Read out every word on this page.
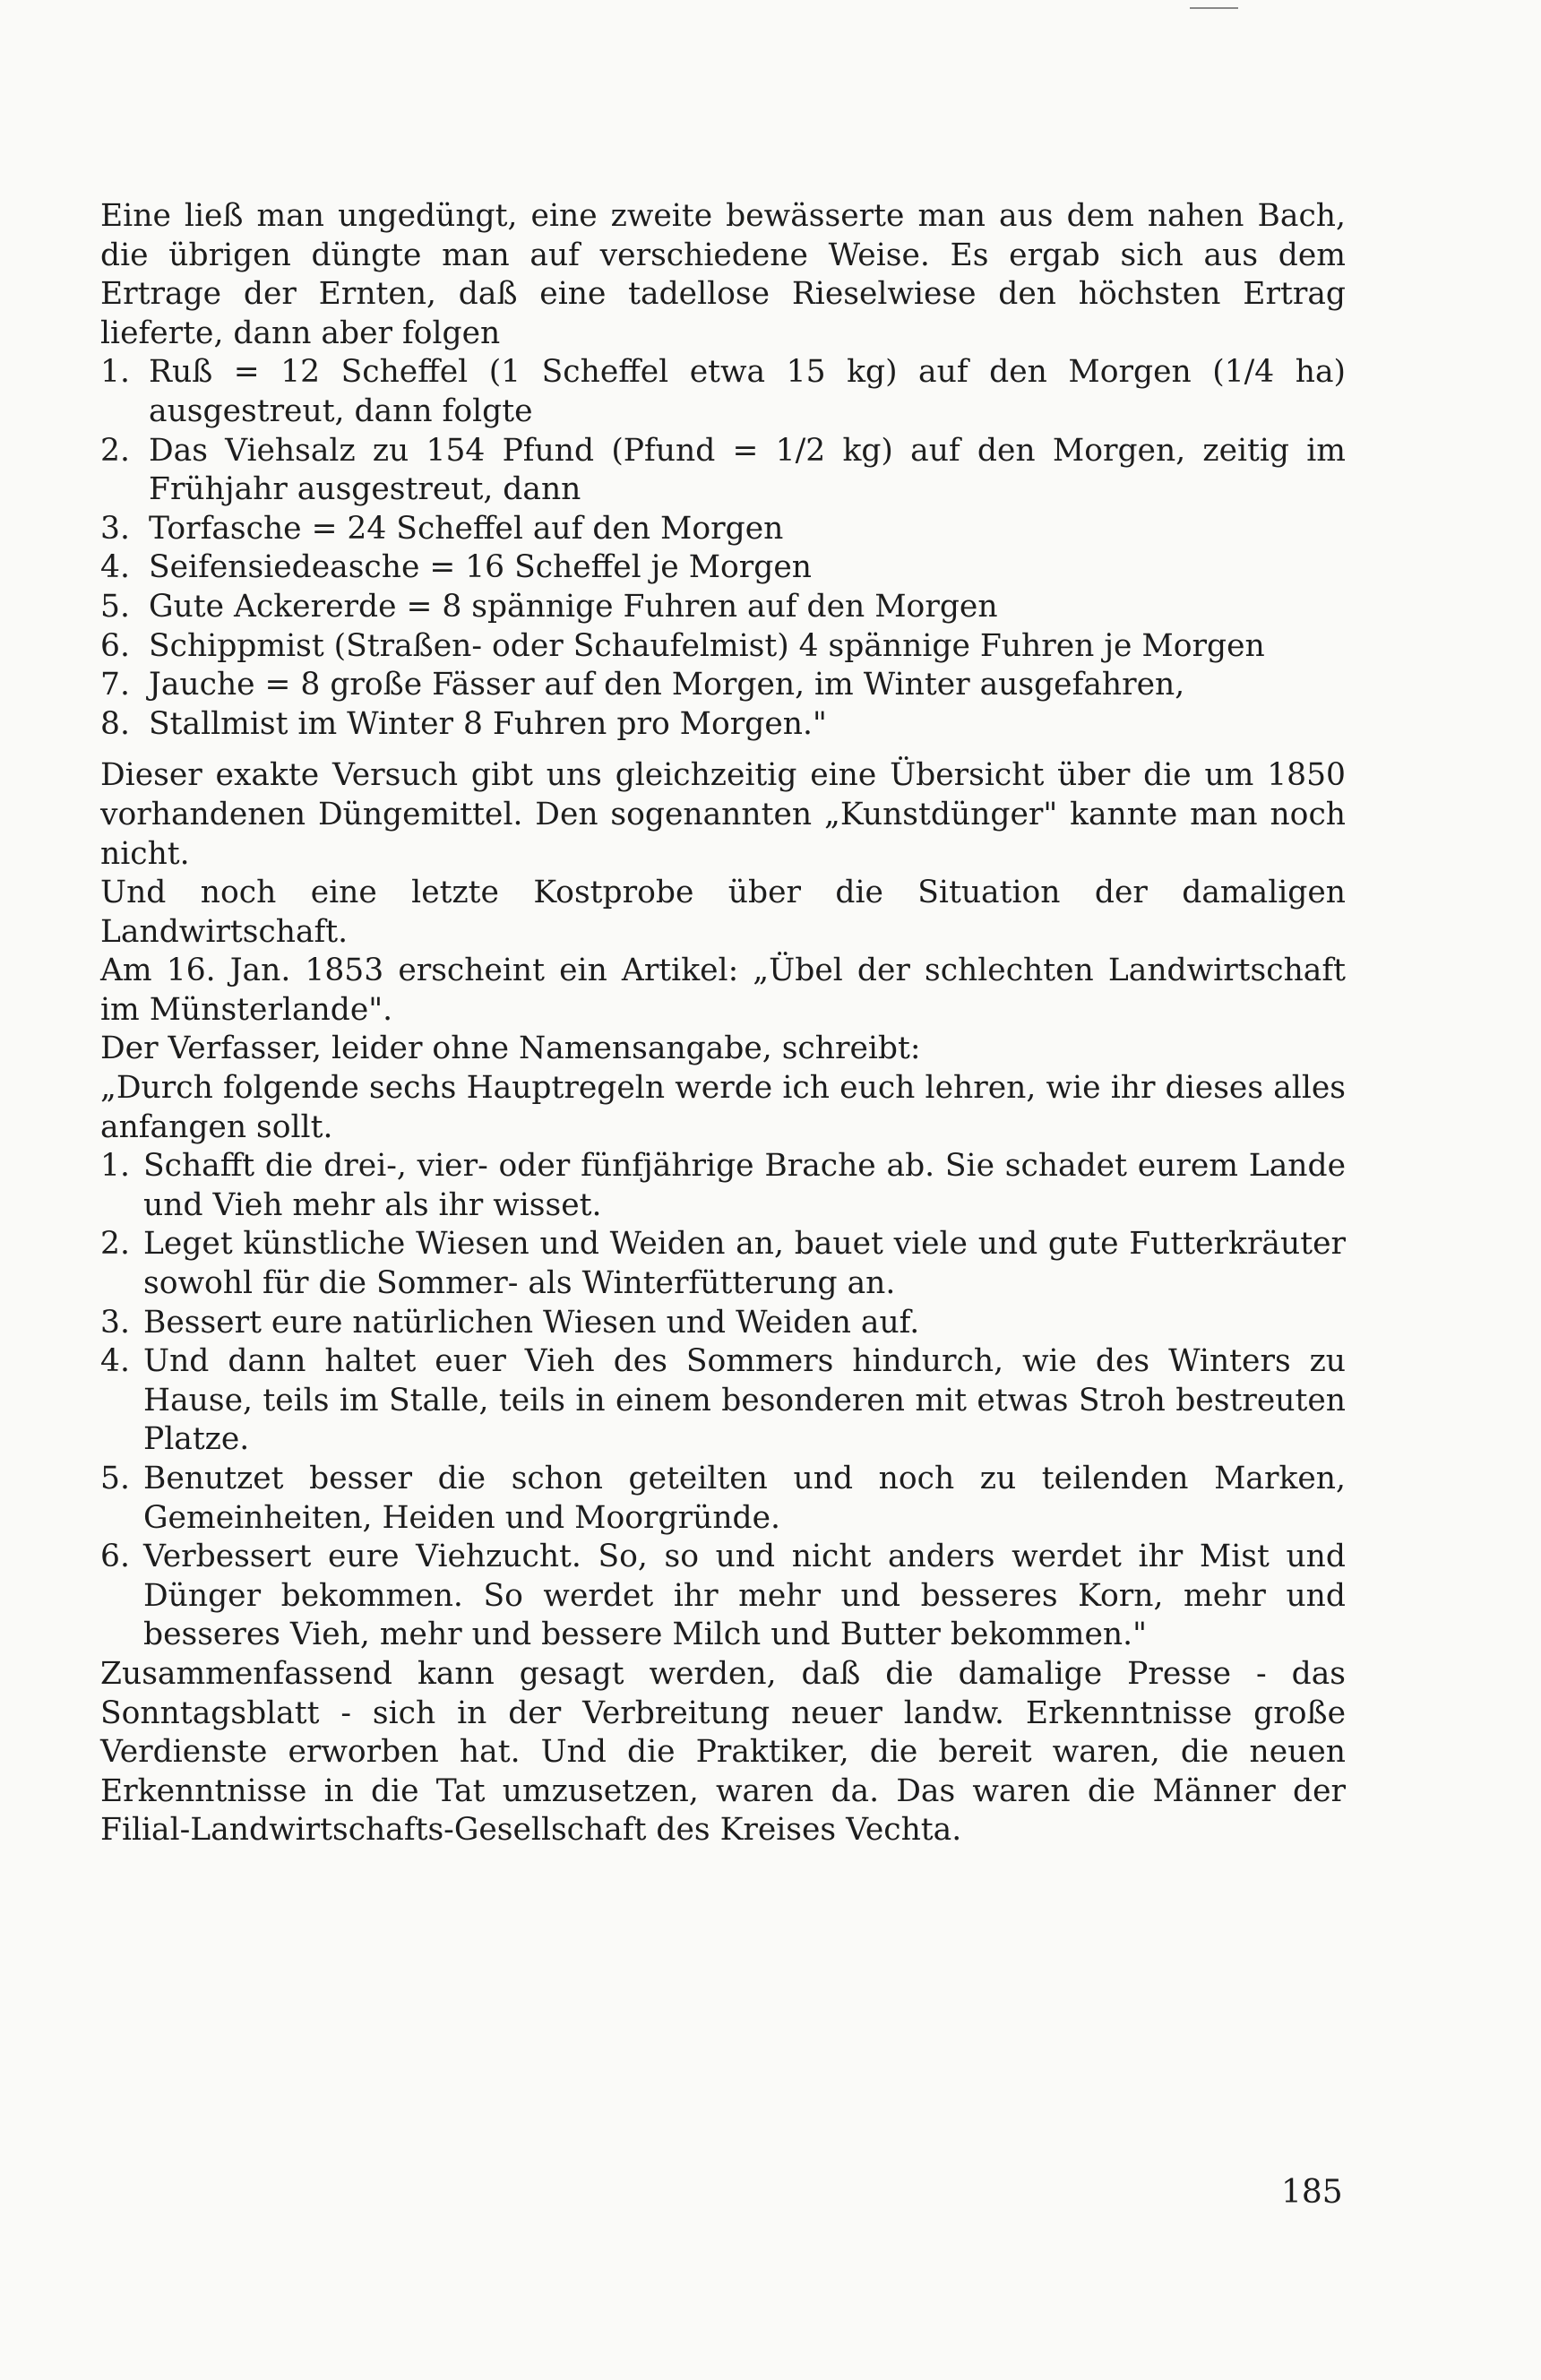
Eine ließ man ungedüngt, eine zweite bewässerte man aus dem nahen Bach, die übrigen düngte man auf verschiedene Weise. Es ergab sich aus dem Ertrage der Ernten, daß eine tadellose Rieselwiese den höchsten Ertrag lieferte, dann aber folgen

1. Ruß = 12 Scheffel (1 Scheffel etwa 15 kg) auf den Morgen (1/4 ha) ausgestreut, dann folgte
2. Das Viehsalz zu 154 Pfund (Pfund = 1/2 kg) auf den Morgen, zeitig im Frühjahr ausgestreut, dann
3. Torfasche = 24 Scheffel auf den Morgen
4. Seifensiedeasche = 16 Scheffel je Morgen
5. Gute Ackererde = 8 spännige Fuhren auf den Morgen
6. Schippmist (Straßen- oder Schaufelmist) 4 spännige Fuhren je Morgen
7. Jauche = 8 große Fässer auf den Morgen, im Winter ausgefahren,
8. Stallmist im Winter 8 Fuhren pro Morgen."

Dieser exakte Versuch gibt uns gleichzeitig eine Übersicht über die um 1850 vorhandenen Düngemittel. Den sogenannten „Kunstdünger" kannte man noch nicht.

Und noch eine letzte Kostprobe über die Situation der damaligen Landwirtschaft.

Am 16. Jan. 1853 erscheint ein Artikel: „Übel der schlechten Landwirtschaft im Münsterlande".

Der Verfasser, leider ohne Namensangabe, schreibt:

„Durch folgende sechs Hauptregeln werde ich euch lehren, wie ihr dieses alles anfangen sollt.

1. Schafft die drei-, vier- oder fünfjährige Brache ab. Sie schadet eurem Lande und Vieh mehr als ihr wisset.
2. Leget künstliche Wiesen und Weiden an, bauet viele und gute Futterkräuter sowohl für die Sommer- als Winterfütterung an.
3. Bessert eure natürlichen Wiesen und Weiden auf.
4. Und dann haltet euer Vieh des Sommers hindurch, wie des Winters zu Hause, teils im Stalle, teils in einem besonderen mit etwas Stroh bestreuten Platze.
5. Benutzet besser die schon geteilten und noch zu teilenden Marken, Gemeinheiten, Heiden und Moorgründe.
6. Verbessert eure Viehzucht. So, so und nicht anders werdet ihr Mist und Dünger bekommen. So werdet ihr mehr und besseres Korn, mehr und besseres Vieh, mehr und bessere Milch und Butter bekommen."

Zusammenfassend kann gesagt werden, daß die damalige Presse - das Sonntagsblatt - sich in der Verbreitung neuer landw. Erkenntnisse große Verdienste erworben hat. Und die Praktiker, die bereit waren, die neuen Erkenntnisse in die Tat umzusetzen, waren da. Das waren die Männer der Filial-Landwirtschafts-Gesellschaft des Kreises Vechta.

185
